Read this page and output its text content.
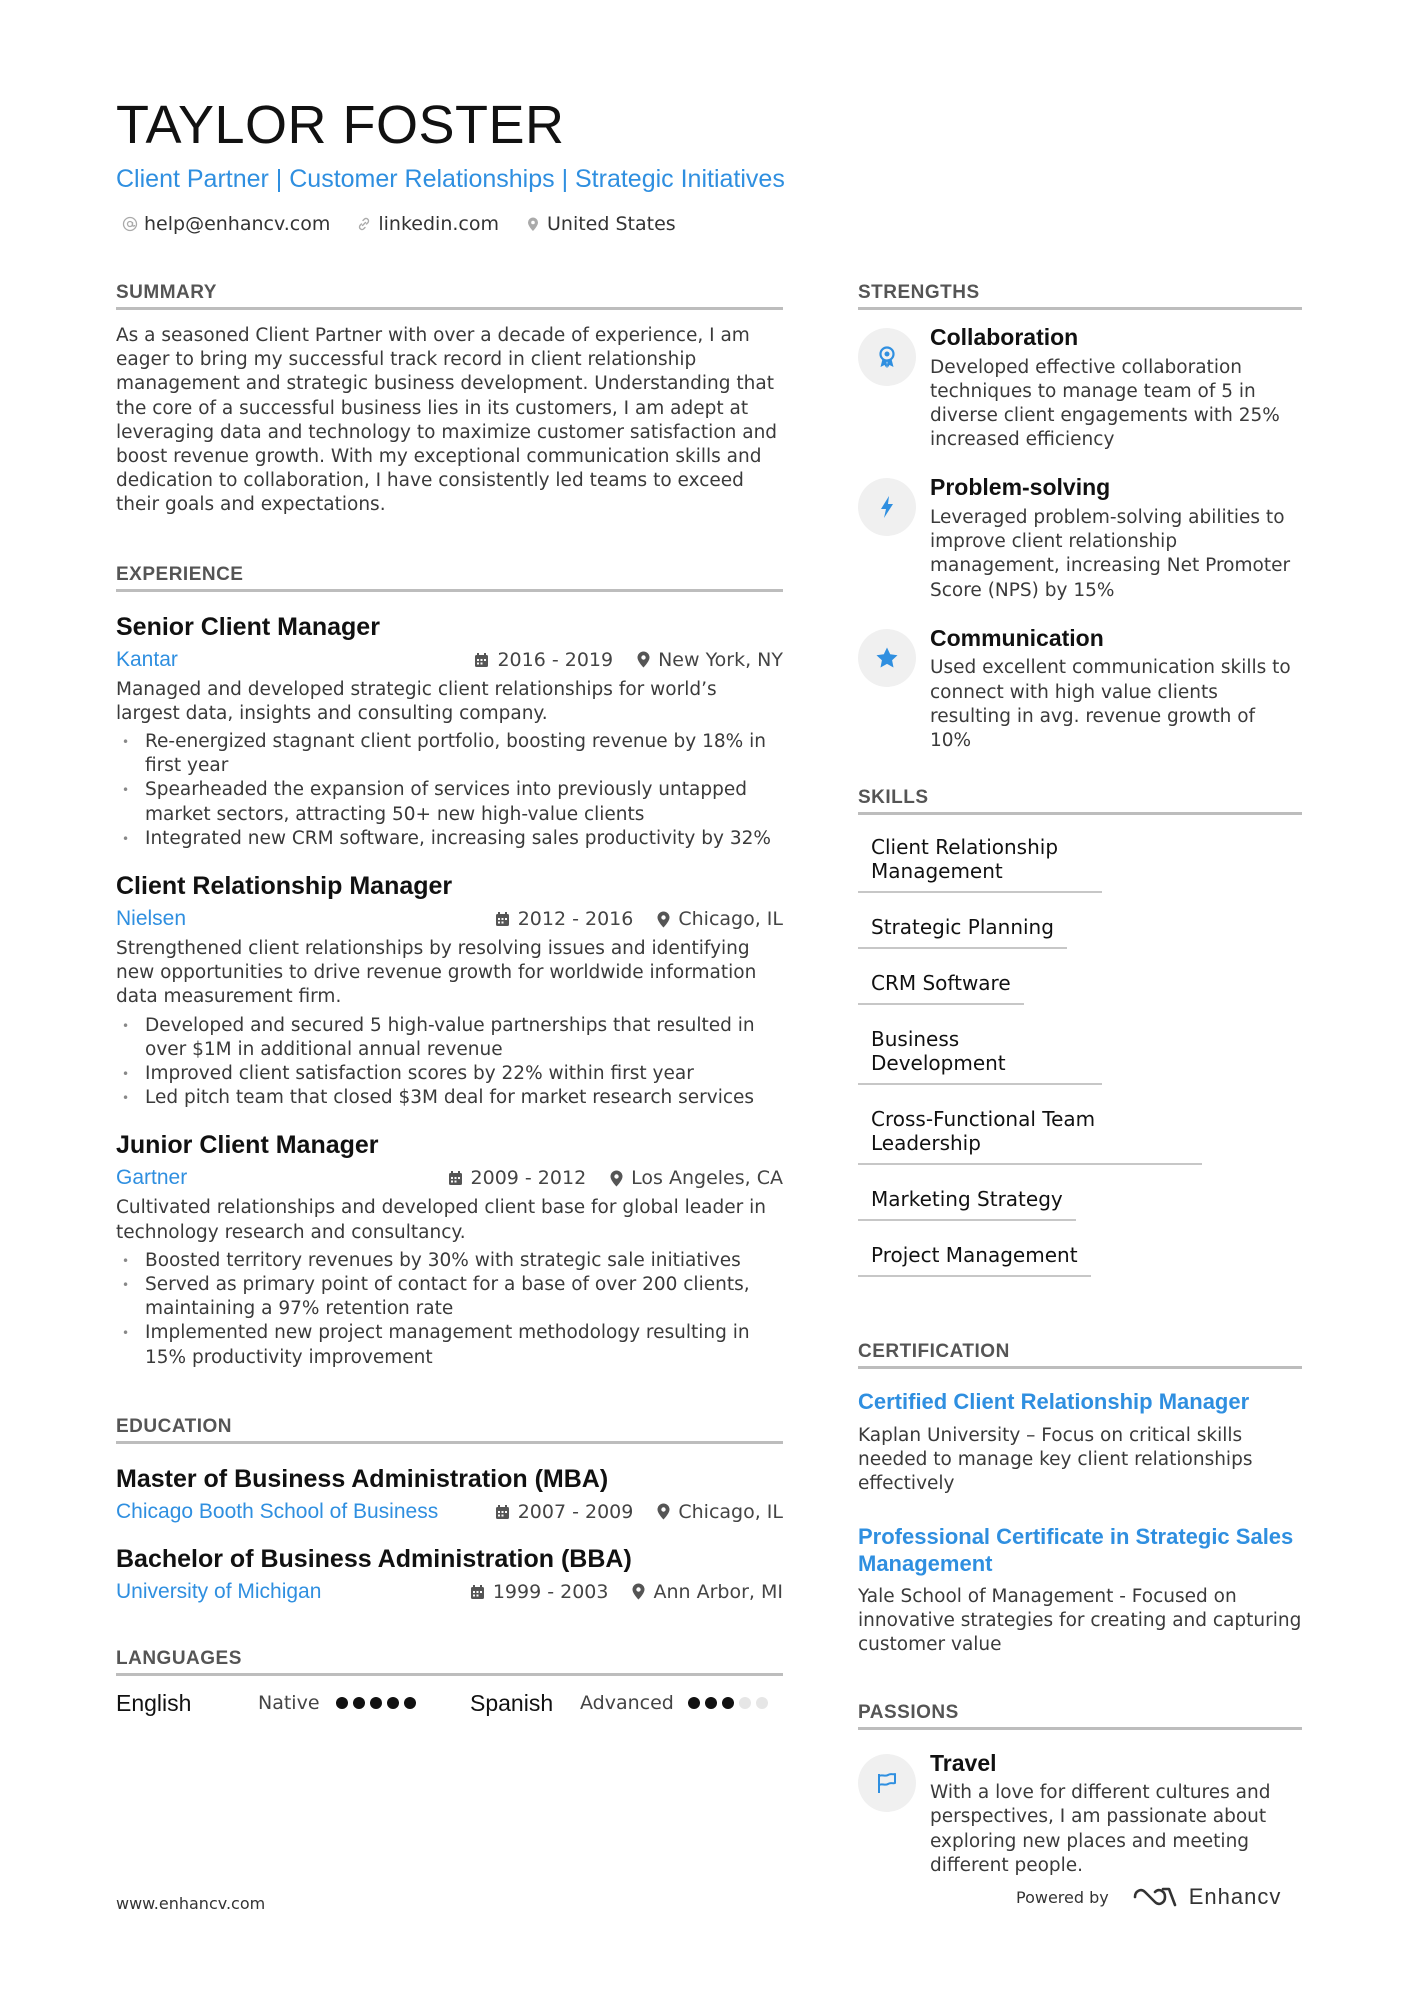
TAYLOR FOSTER
Client Partner | Customer Relationships | Strategic Initiatives
help@enhancv.com	linkedin.com	United States
SUMMARY

As a seasoned Client Partner with over a decade of experience, I am eager to bring my successful track record in client relationship management and strategic business development. Understanding that the core of a successful business lies in its customers, I am adept at leveraging data and technology to maximize customer satisfaction and boost revenue growth. With my exceptional communication skills and dedication to collaboration, I have consistently led teams to exceed their goals and expectations.

EXPERIENCE
Senior Client Manager
Kantar	2016 - 2019 New York, NY

Managed and developed strategic client relationships for world’s largest data, insights and consulting company.

• Re-energized stagnant client portfolio, boosting revenue by 18% in first year
• Spearheaded the expansion of services into previously untapped market sectors, attracting 50+ new high-value clients
• Integrated new CRM software, increasing sales productivity by 32%
Client Relationship Manager
Nielsen	2012 - 2016 Chicago, IL

Strengthened client relationships by resolving issues and identifying new opportunities to drive revenue growth for worldwide information data measurement firm.

• Developed and secured 5 high-value partnerships that resulted in over $1M in additional annual revenue
• Improved client satisfaction scores by 22% within first year
• Led pitch team that closed $3M deal for market research services
Junior Client Manager
Gartner	2009 - 2012 Los Angeles, CA

Cultivated relationships and developed client base for global leader in technology research and consultancy.

• Boosted territory revenues by 30% with strategic sale initiatives
• Served as primary point of contact for a base of over 200 clients, maintaining a 97% retention rate
• Implemented new project management methodology resulting in 15% productivity improvement
EDUCATION
Master of Business Administration (MBA)
Chicago Booth School of Business	2007 - 2009 Chicago, IL
Bachelor of Business Administration (BBA)
University of Michigan	1999 - 2003 Ann Arbor, MI
LANGUAGES
English	Native	Spanish	Advanced
STRENGTHS
Collaboration

Developed effective collaboration techniques to manage team of 5 in diverse client engagements with 25% increased efficiency

Problem-solving

Leveraged problem-solving abilities to improve client relationship management, increasing Net Promoter Score (NPS) by 15%

Communication

Used excellent communication skills to connect with high value clients resulting in avg. revenue growth of 10%

SKILLS
Client Relationship Management
Strategic Planning
CRM Software
Business Development
Cross-Functional Team Leadership
Marketing Strategy
Project Management
CERTIFICATION
Certified Client Relationship Manager

Kaplan University – Focus on critical skills needed to manage key client relationships effectively

Professional Certificate in Strategic Sales Management

Yale School of Management - Focused on innovative strategies for creating and capturing customer value

PASSIONS
Travel

With a love for different cultures and perspectives, I am passionate about exploring new places and meeting different people.

www.enhancv.com	Powered by	Enhancv
